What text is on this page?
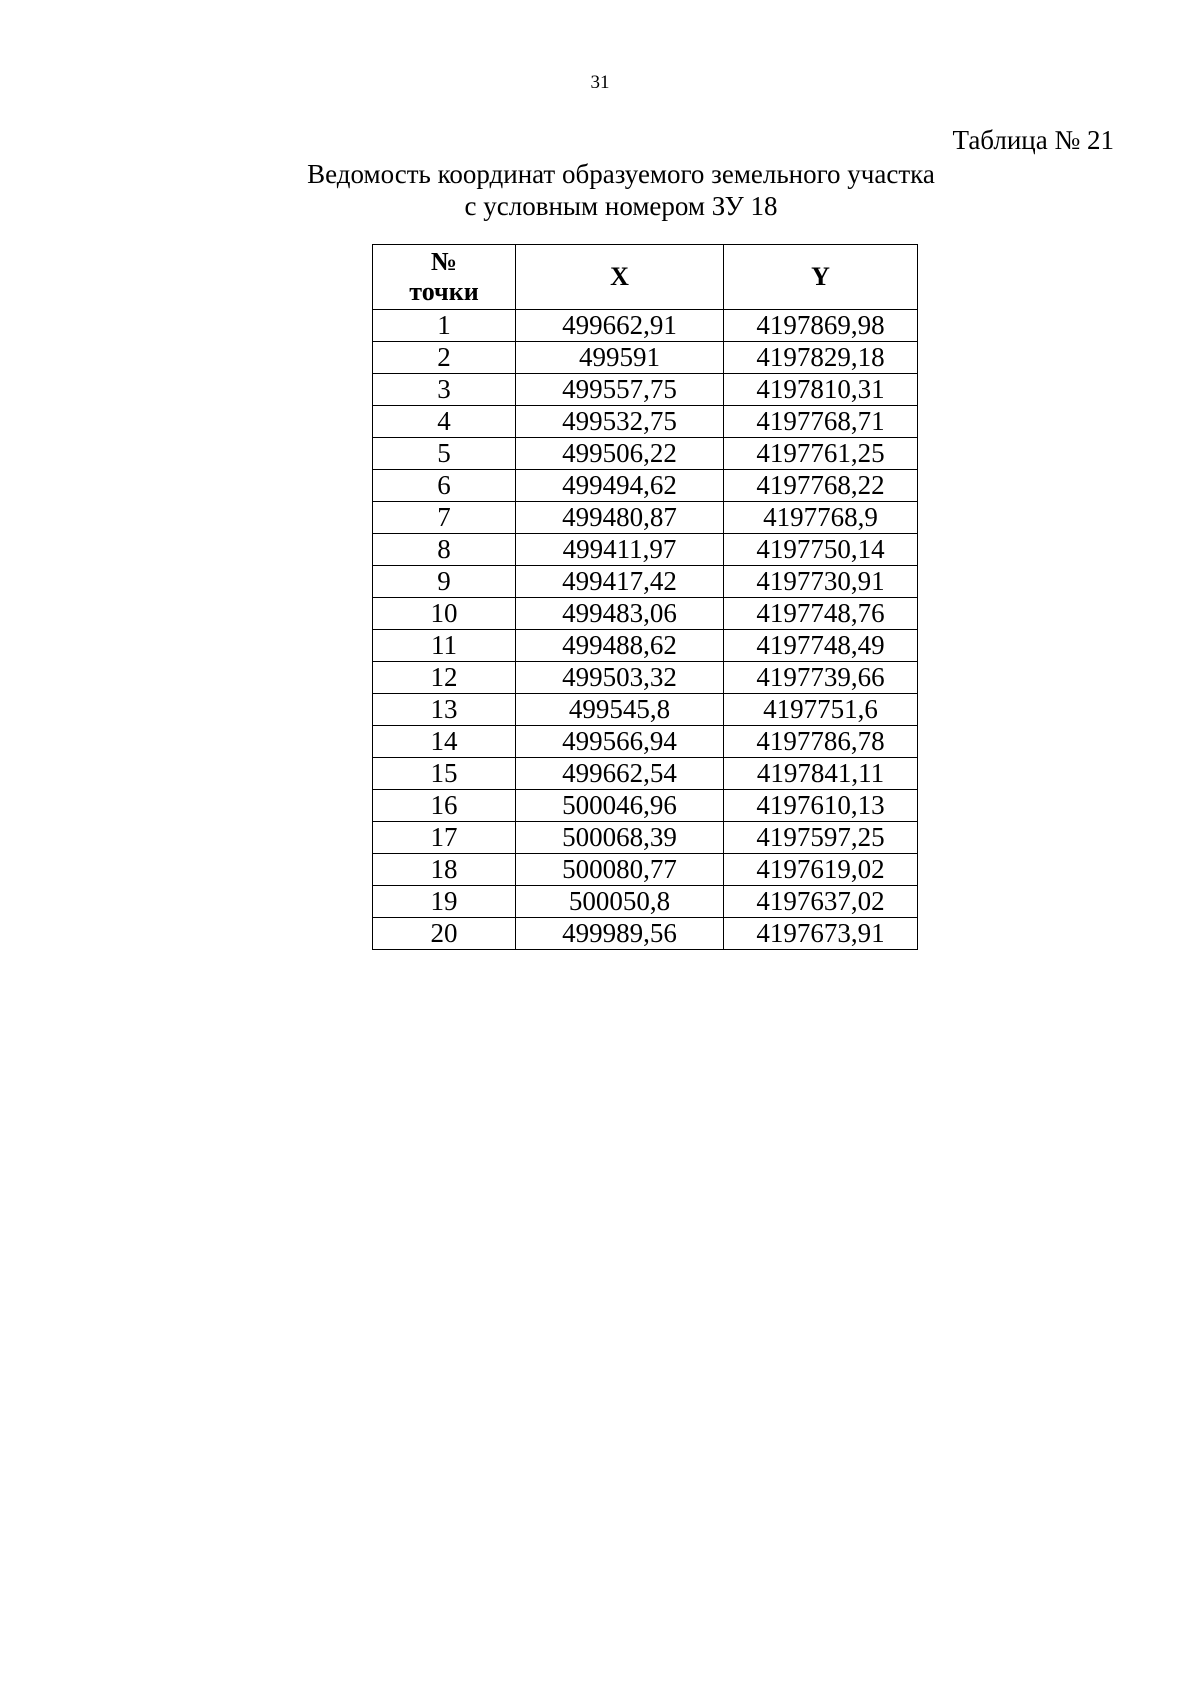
31
Таблица № 21
Ведомость координат образуемого земельного участка
с условным номером ЗУ 18
№
точки	X	Y
1	499662,91	4197869,98
2	499591	4197829,18
3	499557,75	4197810,31
4	499532,75	4197768,71
5	499506,22	4197761,25
6	499494,62	4197768,22
7	499480,87	4197768,9
8	499411,97	4197750,14
9	499417,42	4197730,91
10	499483,06	4197748,76
11	499488,62	4197748,49
12	499503,32	4197739,66
13	499545,8	4197751,6
14	499566,94	4197786,78
15	499662,54	4197841,11
16	500046,96	4197610,13
17	500068,39	4197597,25
18	500080,77	4197619,02
19	500050,8	4197637,02
20	499989,56	4197673,91
